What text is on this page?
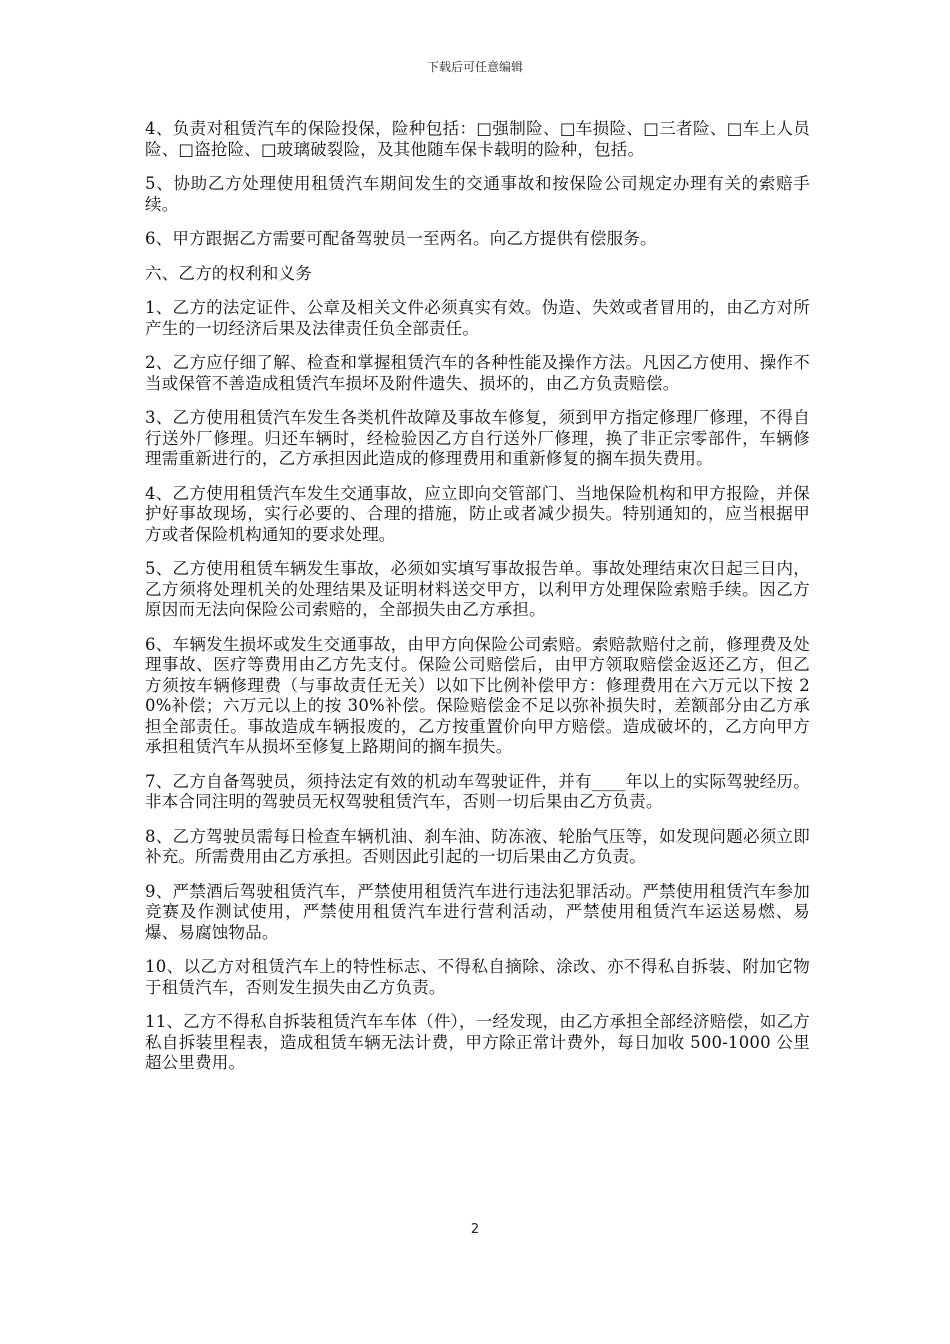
下载后可任意编辑

4、负责对租赁汽车的保险投保，险种包括：□强制险、□车损险、□三者险、□车上人员险、□盗抢险、□玻璃破裂险，及其他随车保卡载明的险种，包括。

5、协助乙方处理使用租赁汽车期间发生的交通事故和按保险公司规定办理有关的索赔手续。

6、甲方跟据乙方需要可配备驾驶员一至两名。向乙方提供有偿服务。

六、乙方的权利和义务

1、乙方的法定证件、公章及相关文件必须真实有效。伪造、失效或者冒用的，由乙方对所产生的一切经济后果及法律责任负全部责任。

2、乙方应仔细了解、检查和掌握租赁汽车的各种性能及操作方法。凡因乙方使用、操作不当或保管不善造成租赁汽车损坏及附件遗失、损坏的，由乙方负责赔偿。

3、乙方使用租赁汽车发生各类机件故障及事故车修复，须到甲方指定修理厂修理，不得自行送外厂修理。归还车辆时，经检验因乙方自行送外厂修理，换了非正宗零部件，车辆修理需重新进行的，乙方承担因此造成的修理费用和重新修复的搁车损失费用。

4、乙方使用租赁汽车发生交通事故，应立即向交管部门、当地保险机构和甲方报险，并保护好事故现场，实行必要的、合理的措施，防止或者减少损失。特别通知的，应当根据甲方或者保险机构通知的要求处理。

5、乙方使用租赁车辆发生事故，必须如实填写事故报告单。事故处理结束次日起三日内，乙方须将处理机关的处理结果及证明材料送交甲方，以利甲方处理保险索赔手续。因乙方原因而无法向保险公司索赔的，全部损失由乙方承担。

6、车辆发生损坏或发生交通事故，由甲方向保险公司索赔。索赔款赔付之前，修理费及处理事故、医疗等费用由乙方先支付。保险公司赔偿后，由甲方领取赔偿金返还乙方，但乙方须按车辆修理费（与事故责任无关）以如下比例补偿甲方：修理费用在六万元以下按 20%补偿；六万元以上的按 30%补偿。保险赔偿金不足以弥补损失时，差额部分由乙方承担全部责任。事故造成车辆报废的，乙方按重置价向甲方赔偿。造成破坏的，乙方向甲方承担租赁汽车从损坏至修复上路期间的搁车损失。

7、乙方自备驾驶员，须持法定有效的机动车驾驶证件，并有____年以上的实际驾驶经历。非本合同注明的驾驶员无权驾驶租赁汽车，否则一切后果由乙方负责。

8、乙方驾驶员需每日检查车辆机油、刹车油、防冻液、轮胎气压等，如发现问题必须立即补充。所需费用由乙方承担。否则因此引起的一切后果由乙方负责。

9、严禁酒后驾驶租赁汽车，严禁使用租赁汽车进行违法犯罪活动。严禁使用租赁汽车参加竞赛及作测试使用，严禁使用租赁汽车进行营利活动，严禁使用租赁汽车运送易燃、易爆、易腐蚀物品。

10、以乙方对租赁汽车上的特性标志、不得私自摘除、涂改、亦不得私自拆装、附加它物于租赁汽车，否则发生损失由乙方负责。

11、乙方不得私自拆装租赁汽车车体（件），一经发现，由乙方承担全部经济赔偿，如乙方私自拆装里程表，造成租赁车辆无法计费，甲方除正常计费外，每日加收 500-1000 公里超公里费用。

2
